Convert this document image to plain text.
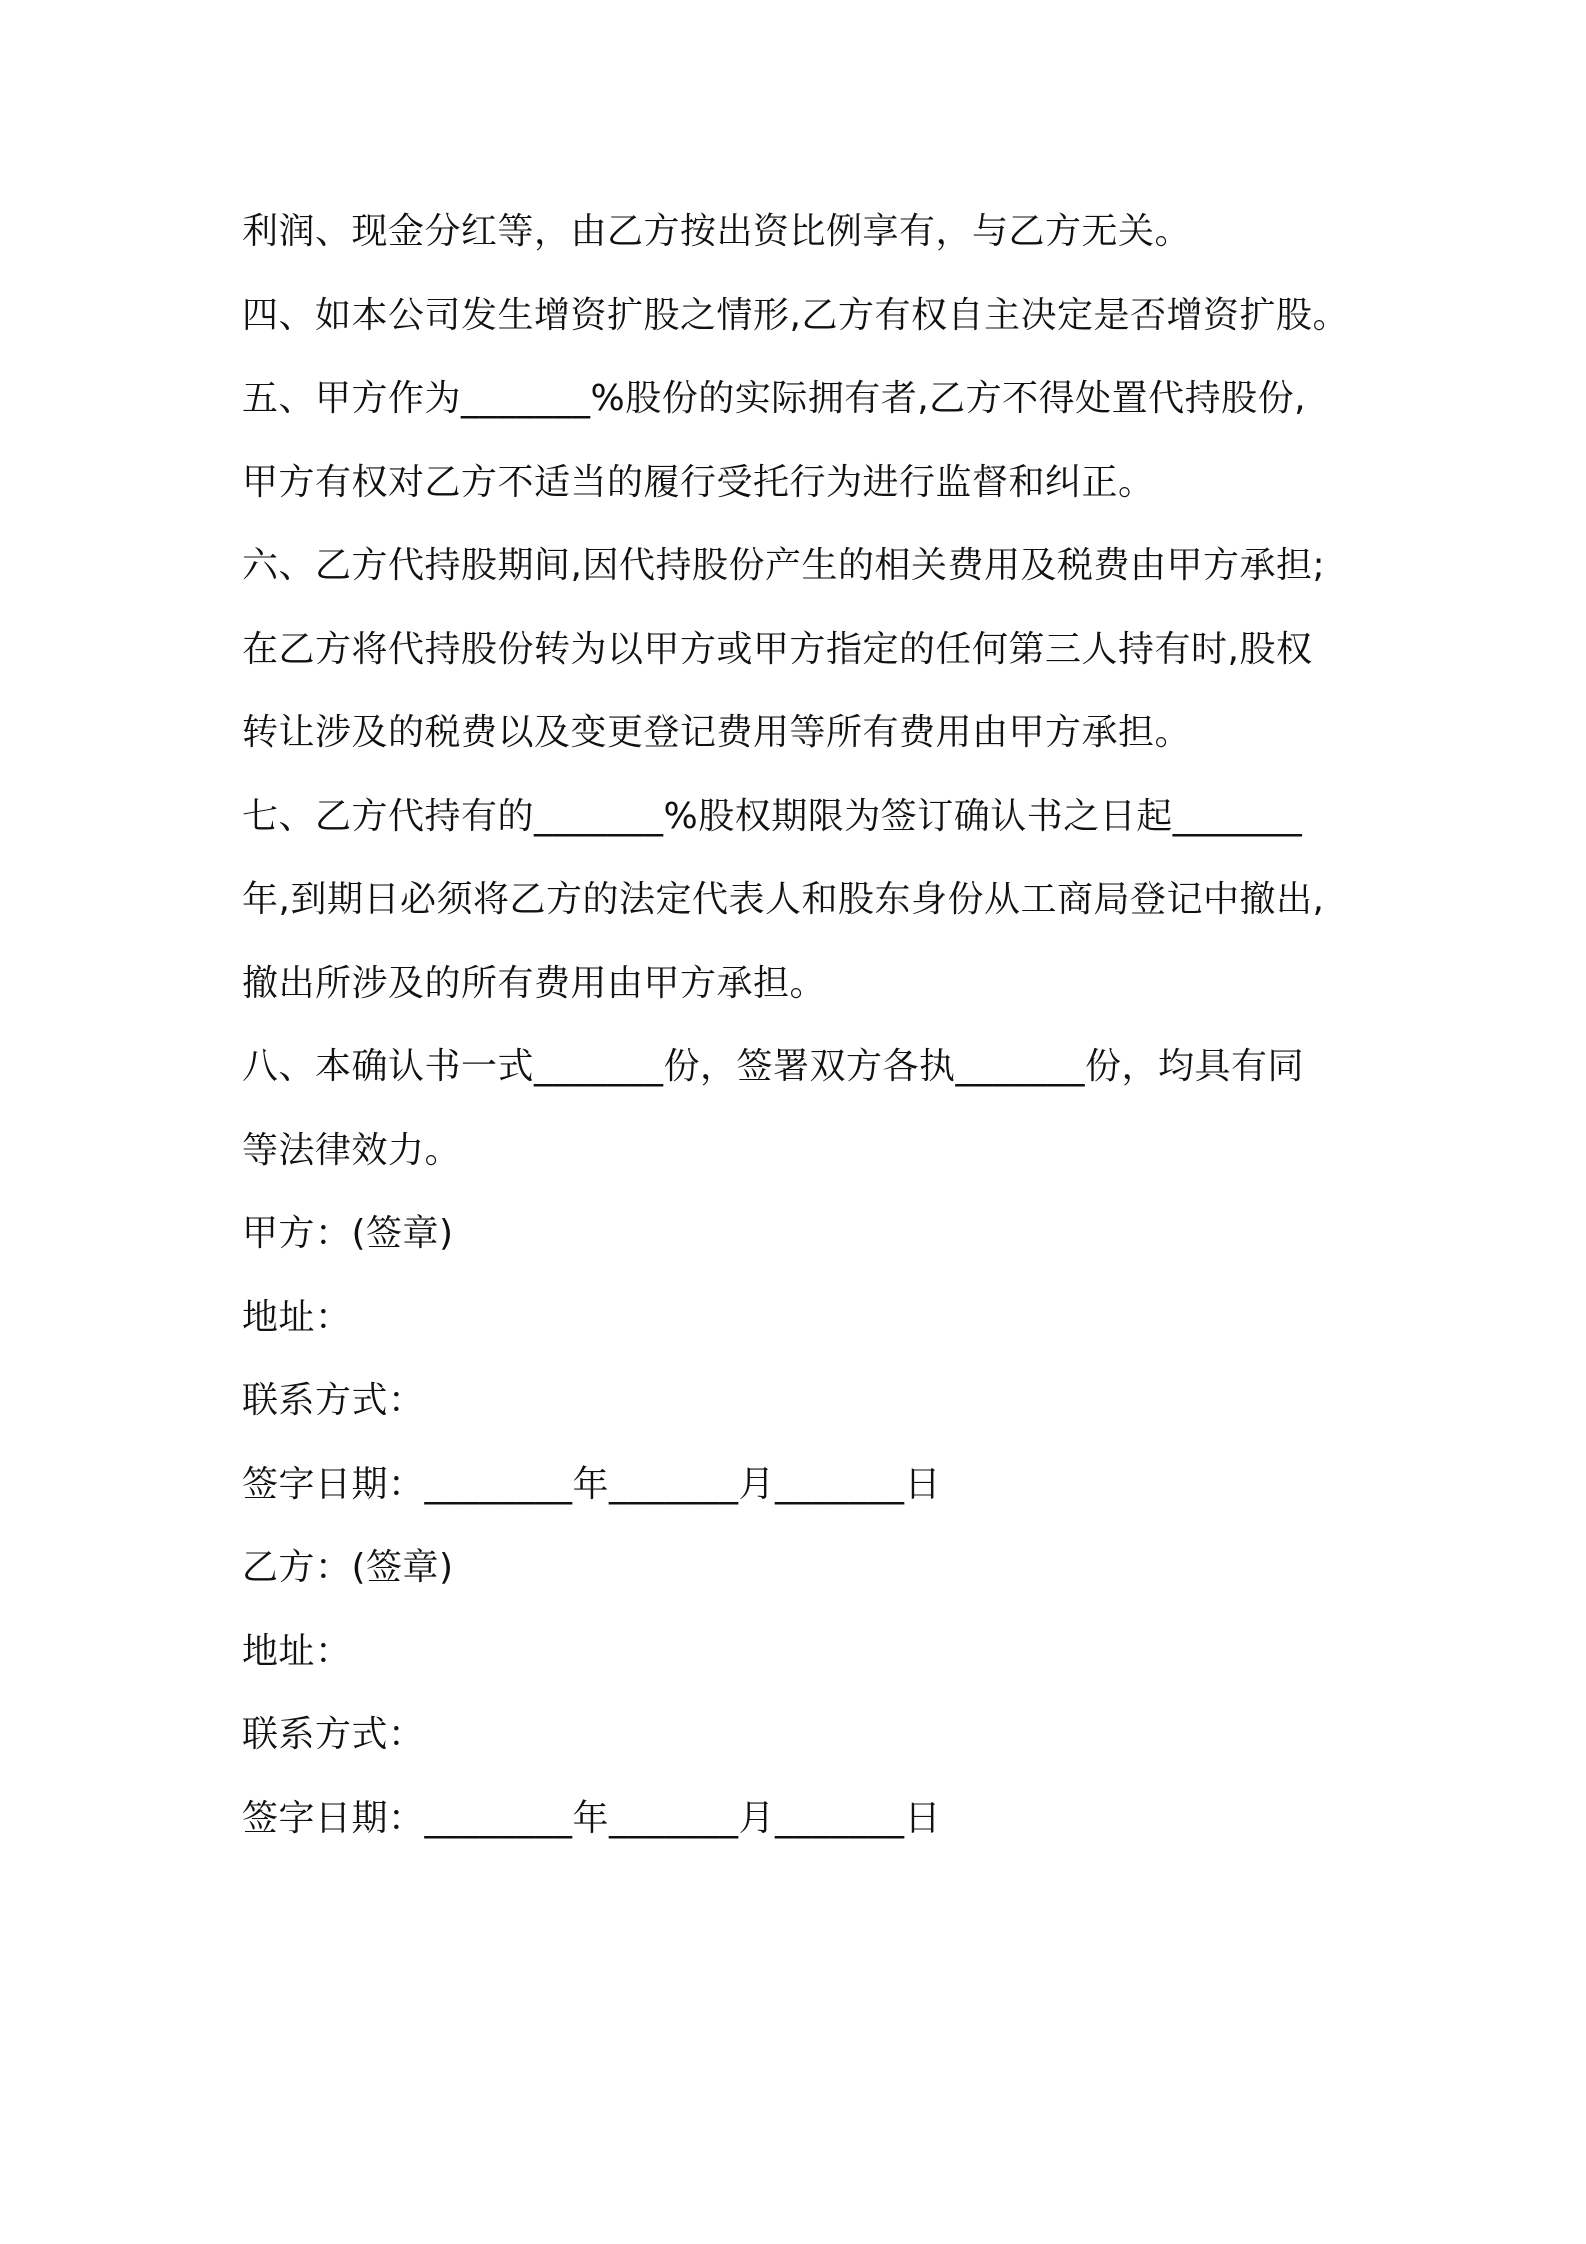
利润、现金分红等，由乙方按出资比例享有，与乙方无关。
四、如本公司发生增资扩股之情形,乙方有权自主决定是否增资扩股。
五、甲方作为_______%股份的实际拥有者,乙方不得处置代持股份,
甲方有权对乙方不适当的履行受托行为进行监督和纠正。
六、乙方代持股期间,因代持股份产生的相关费用及税费由甲方承担;
在乙方将代持股份转为以甲方或甲方指定的任何第三人持有时,股权
转让涉及的税费以及变更登记费用等所有费用由甲方承担。
七、乙方代持有的_______%股权期限为签订确认书之日起_______
年,到期日必须将乙方的法定代表人和股东身份从工商局登记中撤出,
撤出所涉及的所有费用由甲方承担。
八、本确认书一式_______份，签署双方各执_______份，均具有同
等法律效力。
甲方：(签章)
地址：
联系方式：
签字日期：________年_______月_______日
乙方：(签章)
地址：
联系方式：
签字日期：________年_______月_______日
